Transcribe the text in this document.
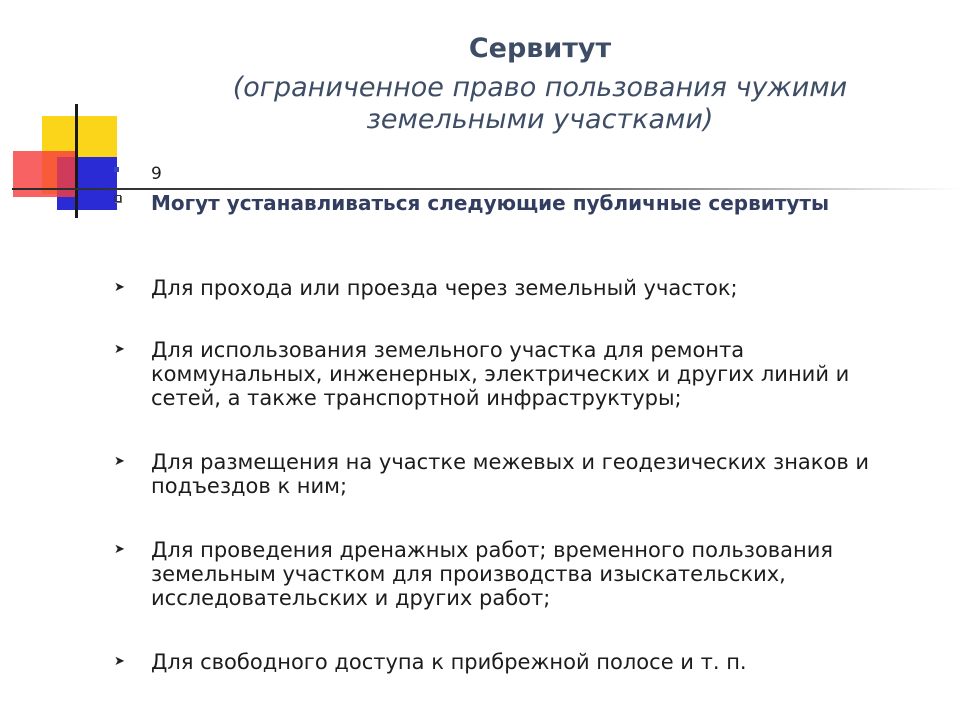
Сервитут

(ограниченное право пользования чужими
земельными участками)

9

Могут устанавливаться следующие публичные сервитуты

➤ Для прохода или проезда через земельный участок;

➤ Для использования земельного участка для ремонта коммунальных, инженерных, электрических и других линий и сетей, а также транспортной инфраструктуры;

➤ Для размещения на участке межевых и геодезических знаков и подъездов к ним;

➤ Для проведения дренажных работ; временного пользования земельным участком для производства изыскательских, исследовательских и других работ;

➤ Для свободного доступа к прибрежной полосе и т. п.
